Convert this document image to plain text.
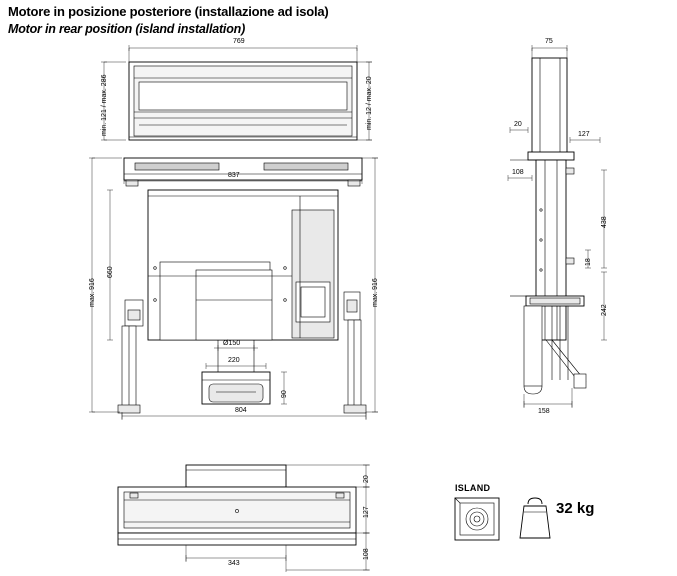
Motore in posizione posteriore (installazione ad isola)
Motor in rear position (island installation)
769
837
min. 121 / max. 286	min. 12 / max. 20
max. 916
660
max. 916
Ø150
220
90
804
75
20
127
108
438
18
242
158
20
127
108
343
ISLAND
32 kg
